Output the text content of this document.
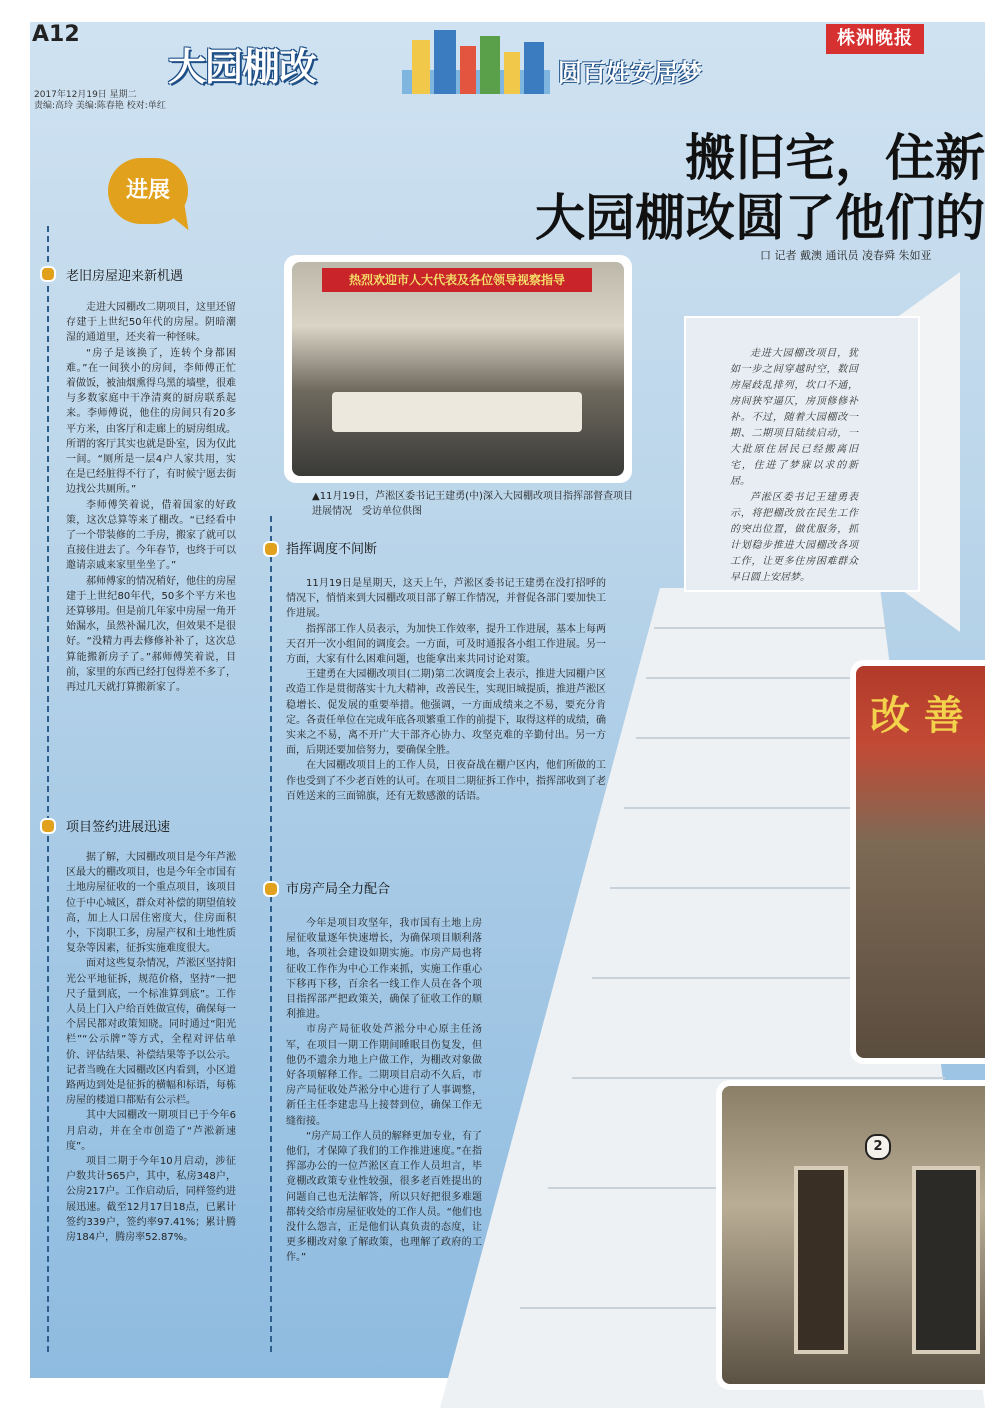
A12	株洲晚报
大园棚改	圆百姓安居梦
2017年12月19日 星期二
责编:高玲 美编:陈春艳 校对:单红
搬旧宅，住新
大园棚改圆了他们的
口 记者 戴澳 通讯员 凌春舜 朱如亚
进展
老旧房屋迎来新机遇

走进大园棚改二期项目，这里还留存建于上世纪50年代的房屋。阴暗潮湿的通道里，还夹着一种怪味。

“房子是该换了，连转个身都困难。”在一间狭小的房间，李师傅正忙着做饭，被油烟熏得乌黑的墙壁，很难与多数家庭中干净清爽的厨房联系起来。李师傅说，他住的房间只有20多平方米，由客厅和走廊上的厨房组成。所谓的客厅其实也就是卧室，因为仅此一间。“厕所是一层4户人家共用，实在是已经脏得不行了，有时候宁愿去街边找公共厕所。”

李师傅笑着说，借着国家的好政策，这次总算等来了棚改。“已经看中了一个带装修的二手房，搬家了就可以直接住进去了。今年春节，也终于可以邀请亲戚来家里坐坐了。”

郝师傅家的情况稍好，他住的房屋建于上世纪80年代，50多个平方米也还算够用。但是前几年家中房屋一角开始漏水，虽然补漏几次，但效果不是很好。“没精力再去修修补补了，这次总算能搬新房子了。”郝师傅笑着说，目前，家里的东西已经打包得差不多了，再过几天就打算搬新家了。

项目签约进展迅速

据了解，大园棚改项目是今年芦淞区最大的棚改项目，也是今年全市国有土地房屋征收的一个重点项目，该项目位于中心城区，群众对补偿的期望值较高，加上人口居住密度大，住房面积小，下岗职工多，房屋产权和土地性质复杂等因素，征拆实施难度很大。

面对这些复杂情况，芦淞区坚持阳光公平地征拆，规范价格，坚持“一把尺子量到底，一个标准算到底”。工作人员上门入户给百姓做宣传，确保每一个居民都对政策知晓。同时通过“阳光栏”“公示牌”等方式，全程对评估单价、评估结果、补偿结果等予以公示。记者当晚在大园棚改区内看到，小区道路两边到处是征拆的横幅和标语，每栋房屋的楼道口都贴有公示栏。

其中大园棚改一期项目已于今年6月启动，并在全市创造了“芦淞新速度”。

项目二期于今年10月启动，涉征户数共计565户，其中，私房348户，公房217户。工作启动后，同样签约进展迅速。截至12月17日18点，已累计签约339户，签约率97.41%；累计腾房184户，腾房率52.87%。

热烈欢迎市人大代表及各位领导视察指导
▲11月19日，芦淞区委书记王建勇(中)深入大园棚改项目指挥部督查项目进展情况　受访单位供图
指挥调度不间断

11月19日是星期天，这天上午，芦淞区委书记王建勇在没打招呼的情况下，悄悄来到大园棚改项目部了解工作情况，并督促各部门要加快工作进展。

指挥部工作人员表示，为加快工作效率，提升工作进展，基本上每两天召开一次小组间的调度会。一方面，可及时通报各小组工作进展。另一方面，大家有什么困难问题，也能拿出来共同讨论对策。

王建勇在大园棚改项目(二期)第二次调度会上表示，推进大园棚户区改造工作是贯彻落实十九大精神，改善民生，实现旧城提质，推进芦淞区稳增长、促发展的重要举措。他强调，一方面成绩来之不易，要充分肯定。各责任单位在完成年底各项繁重工作的前提下，取得这样的成绩，确实来之不易，离不开广大干部齐心协力、攻坚克难的辛勤付出。另一方面，后期还要加倍努力，要确保全胜。

在大园棚改项目上的工作人员，日夜奋战在棚户区内，他们所做的工作也受到了不少老百姓的认可。在项目二期征拆工作中，指挥部收到了老百姓送来的三面锦旗，还有无数感激的话语。

市房产局全力配合

今年是项目攻坚年，我市国有土地上房屋征收量逐年快速增长，为确保项目顺利落地，各项社会建设如期实施。市房产局也将征收工作作为中心工作来抓，实施工作重心下移再下移，百余名一线工作人员在各个项目指挥部严把政策关，确保了征收工作的顺利推进。

市房产局征收处芦淞分中心原主任汤军，在项目一期工作期间睡眠目伤复发，但他仍不遗余力地上户做工作，为棚改对象做好各项解释工作。二期项目启动不久后，市房产局征收处芦淞分中心进行了人事调整，新任主任李建忠马上接替到位，确保工作无缝衔接。

“房产局工作人员的解释更加专业，有了他们，才保障了我们的工作推进速度。”在指挥部办公的一位芦淞区直工作人员坦言，毕竟棚改政策专业性较强，很多老百姓提出的问题自己也无法解答，所以只好把很多难题都转交给市房屋征收处的工作人员。“他们也没什么怨言，正是他们认真负责的态度，让更多棚改对象了解政策，也理解了政府的工作。”

走进大园棚改项目，犹如一步之间穿越时空，数回房屋歧乱排列，坎口不通，房间狭窄逼仄，房顶修修补补。不过，随着大园棚改一期、二期项目陆续启动，一大批原住居民已经搬离旧宅，住进了梦寐以求的新居。

芦淞区委书记王建勇表示，将把棚改放在民生工作的突出位置，做优服务，抓计划稳步推进大园棚改各项工作，让更多住房困难群众早日圆上安居梦。

改 善
2
